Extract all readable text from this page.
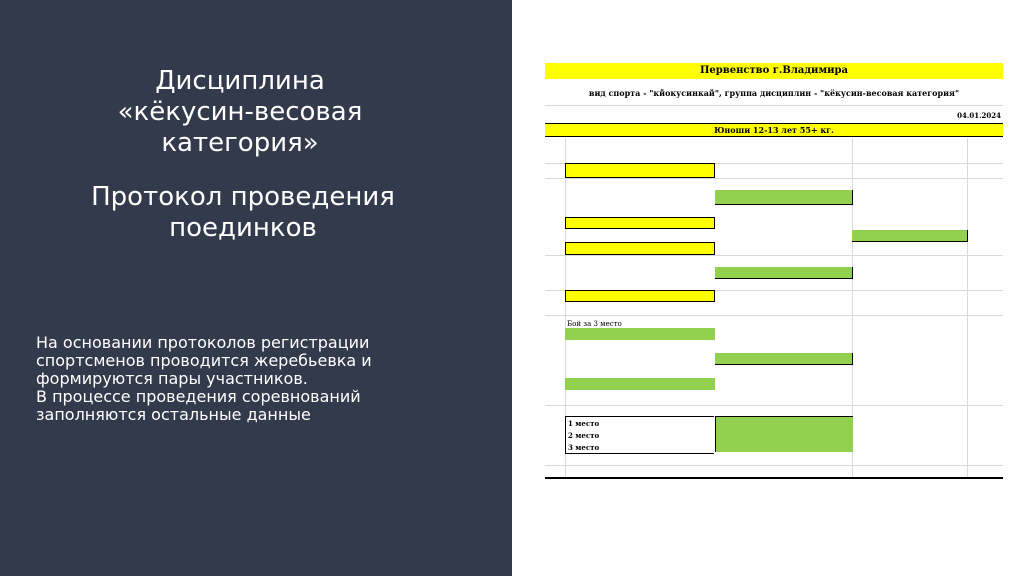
Дисциплина
«кёкусин-весовая
категория»
Протокол проведения
поединков
На основании протоколов регистрации
спортсменов проводится жеребьевка и
формируются пары участников.
В процессе проведения соревнований
заполняются остальные данные
Первенство г.Владимира
вид спорта - "кйокусинкай", группа дисциплин - "кёкусин-весовая категория"
04.01.2024
Юноши 12-13 лет 55+ кг.
Бой за 3 место
1 место
2 место
3 место
